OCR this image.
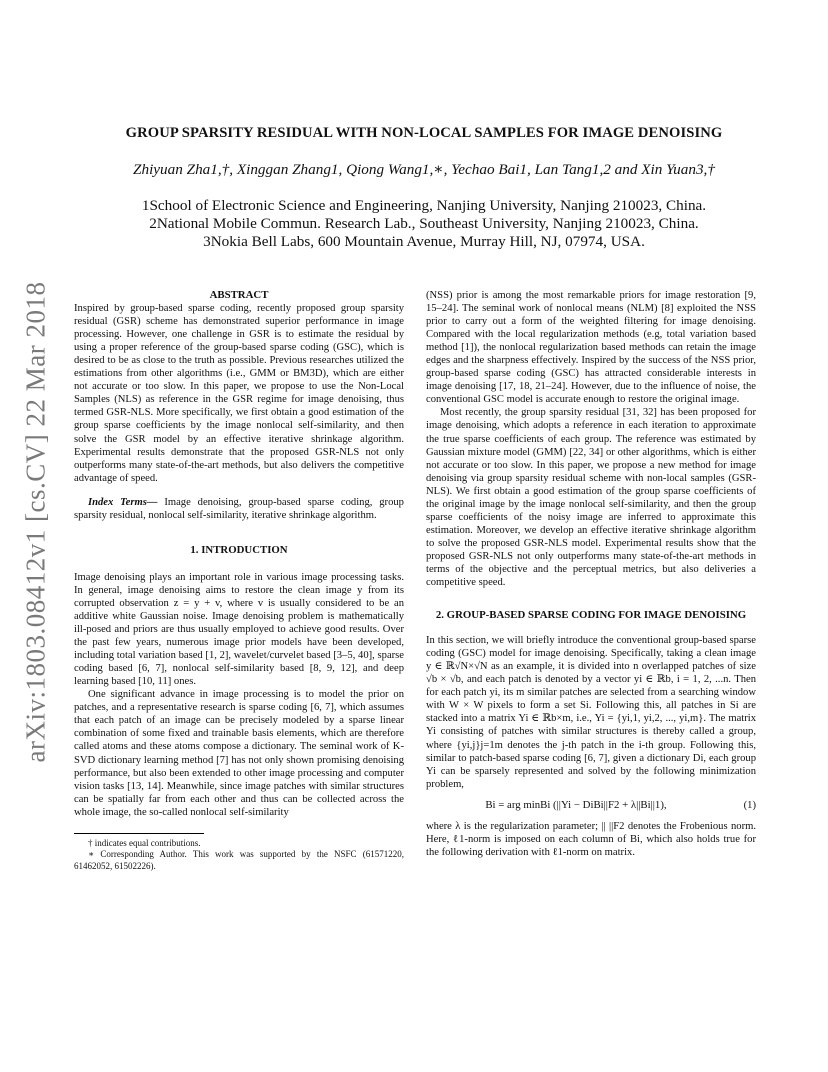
arXiv:1803.08412v1 [cs.CV] 22 Mar 2018
GROUP SPARSITY RESIDUAL WITH NON-LOCAL SAMPLES FOR IMAGE DENOISING
Zhiyuan Zha1,†, Xinggan Zhang1, Qiong Wang1,∗, Yechao Bai1, Lan Tang1,2 and Xin Yuan3,†
1School of Electronic Science and Engineering, Nanjing University, Nanjing 210023, China.
2National Mobile Commun. Research Lab., Southeast University, Nanjing 210023, China.
3Nokia Bell Labs, 600 Mountain Avenue, Murray Hill, NJ, 07974, USA.

ABSTRACT

Inspired by group-based sparse coding, recently proposed group sparsity residual (GSR) scheme has demonstrated superior performance in image processing. However, one challenge in GSR is to estimate the residual by using a proper reference of the group-based sparse coding (GSC), which is desired to be as close to the truth as possible. Previous researches utilized the estimations from other algorithms (i.e., GMM or BM3D), which are either not accurate or too slow. In this paper, we propose to use the Non-Local Samples (NLS) as reference in the GSR regime for image denoising, thus termed GSR-NLS. More specifically, we first obtain a good estimation of the group sparse coefficients by the image nonlocal self-similarity, and then solve the GSR model by an effective iterative shrinkage algorithm. Experimental results demonstrate that the proposed GSR-NLS not only outperforms many state-of-the-art methods, but also delivers the competitive advantage of speed.

Index Terms— Image denoising, group-based sparse coding, group sparsity residual, nonlocal self-similarity, iterative shrinkage algorithm.

1. INTRODUCTION

Image denoising plays an important role in various image processing tasks. In general, image denoising aims to restore the clean image y from its corrupted observation z = y + v, where v is usually considered to be an additive white Gaussian noise. Image denoising problem is mathematically ill-posed and priors are thus usually employed to achieve good results. Over the past few years, numerous image prior models have been developed, including total variation based [1, 2], wavelet/curvelet based [3–5, 40], sparse coding based [6, 7], nonlocal self-similarity based [8, 9, 12], and deep learning based [10, 11] ones.

One significant advance in image processing is to model the prior on patches, and a representative research is sparse coding [6, 7], which assumes that each patch of an image can be precisely modeled by a sparse linear combination of some fixed and trainable basis elements, which are therefore called atoms and these atoms compose a dictionary. The seminal work of K-SVD dictionary learning method [7] has not only shown promising denoising performance, but also been extended to other image processing and computer vision tasks [13, 14]. Meanwhile, since image patches with similar structures can be spatially far from each other and thus can be collected across the whole image, the so-called nonlocal self-similarity

† indicates equal contributions.

∗ Corresponding Author. This work was supported by the NSFC (61571220, 61462052, 61502226).

(NSS) prior is among the most remarkable priors for image restoration [9, 15–24]. The seminal work of nonlocal means (NLM) [8] exploited the NSS prior to carry out a form of the weighted filtering for image denoising. Compared with the local regularization methods (e.g, total variation based method [1]), the nonlocal regularization based methods can retain the image edges and the sharpness effectively. Inspired by the success of the NSS prior, group-based sparse coding (GSC) has attracted considerable interests in image denoising [17, 18, 21–24]. However, due to the influence of noise, the conventional GSC model is accurate enough to restore the original image.

Most recently, the group sparsity residual [31, 32] has been proposed for image denoising, which adopts a reference in each iteration to approximate the true sparse coefficients of each group. The reference was estimated by Gaussian mixture model (GMM) [22, 34] or other algorithms, which is either not accurate or too slow. In this paper, we propose a new method for image denoising via group sparsity residual scheme with non-local samples (GSR-NLS). We first obtain a good estimation of the group sparse coefficients of the original image by the image nonlocal self-similarity, and then the group sparse coefficients of the noisy image are inferred to approximate this estimation. Moreover, we develop an effective iterative shrinkage algorithm to solve the proposed GSR-NLS model. Experimental results show that the proposed GSR-NLS not only outperforms many state-of-the-art methods in terms of the objective and the perceptual metrics, but also deliveries a competitive speed.

2. GROUP-BASED SPARSE CODING FOR IMAGE DENOISING

In this section, we will briefly introduce the conventional group-based sparse coding (GSC) model for image denoising. Specifically, taking a clean image y ∈ ℝ√N×√N as an example, it is divided into n overlapped patches of size √b × √b, and each patch is denoted by a vector yi ∈ ℝb, i = 1, 2, ...n. Then for each patch yi, its m similar patches are selected from a searching window with W × W pixels to form a set Si. Following this, all patches in Si are stacked into a matrix Yi ∈ ℝb×m, i.e., Yi = {yi,1, yi,2, ..., yi,m}. The matrix Yi consisting of patches with similar structures is thereby called a group, where {yi,j}j=1m denotes the j-th patch in the i-th group. Following this, similar to patch-based sparse coding [6, 7], given a dictionary Di, each group Yi can be sparsely represented and solved by the following minimization problem,

Bi = arg minBi (||Yi − DiBi||F2 + λ||Bi||1),	(1)

where λ is the regularization parameter; || ||F2 denotes the Frobenious norm. Here, ℓ1-norm is imposed on each column of Bi, which also holds true for the following derivation with ℓ1-norm on matrix.
